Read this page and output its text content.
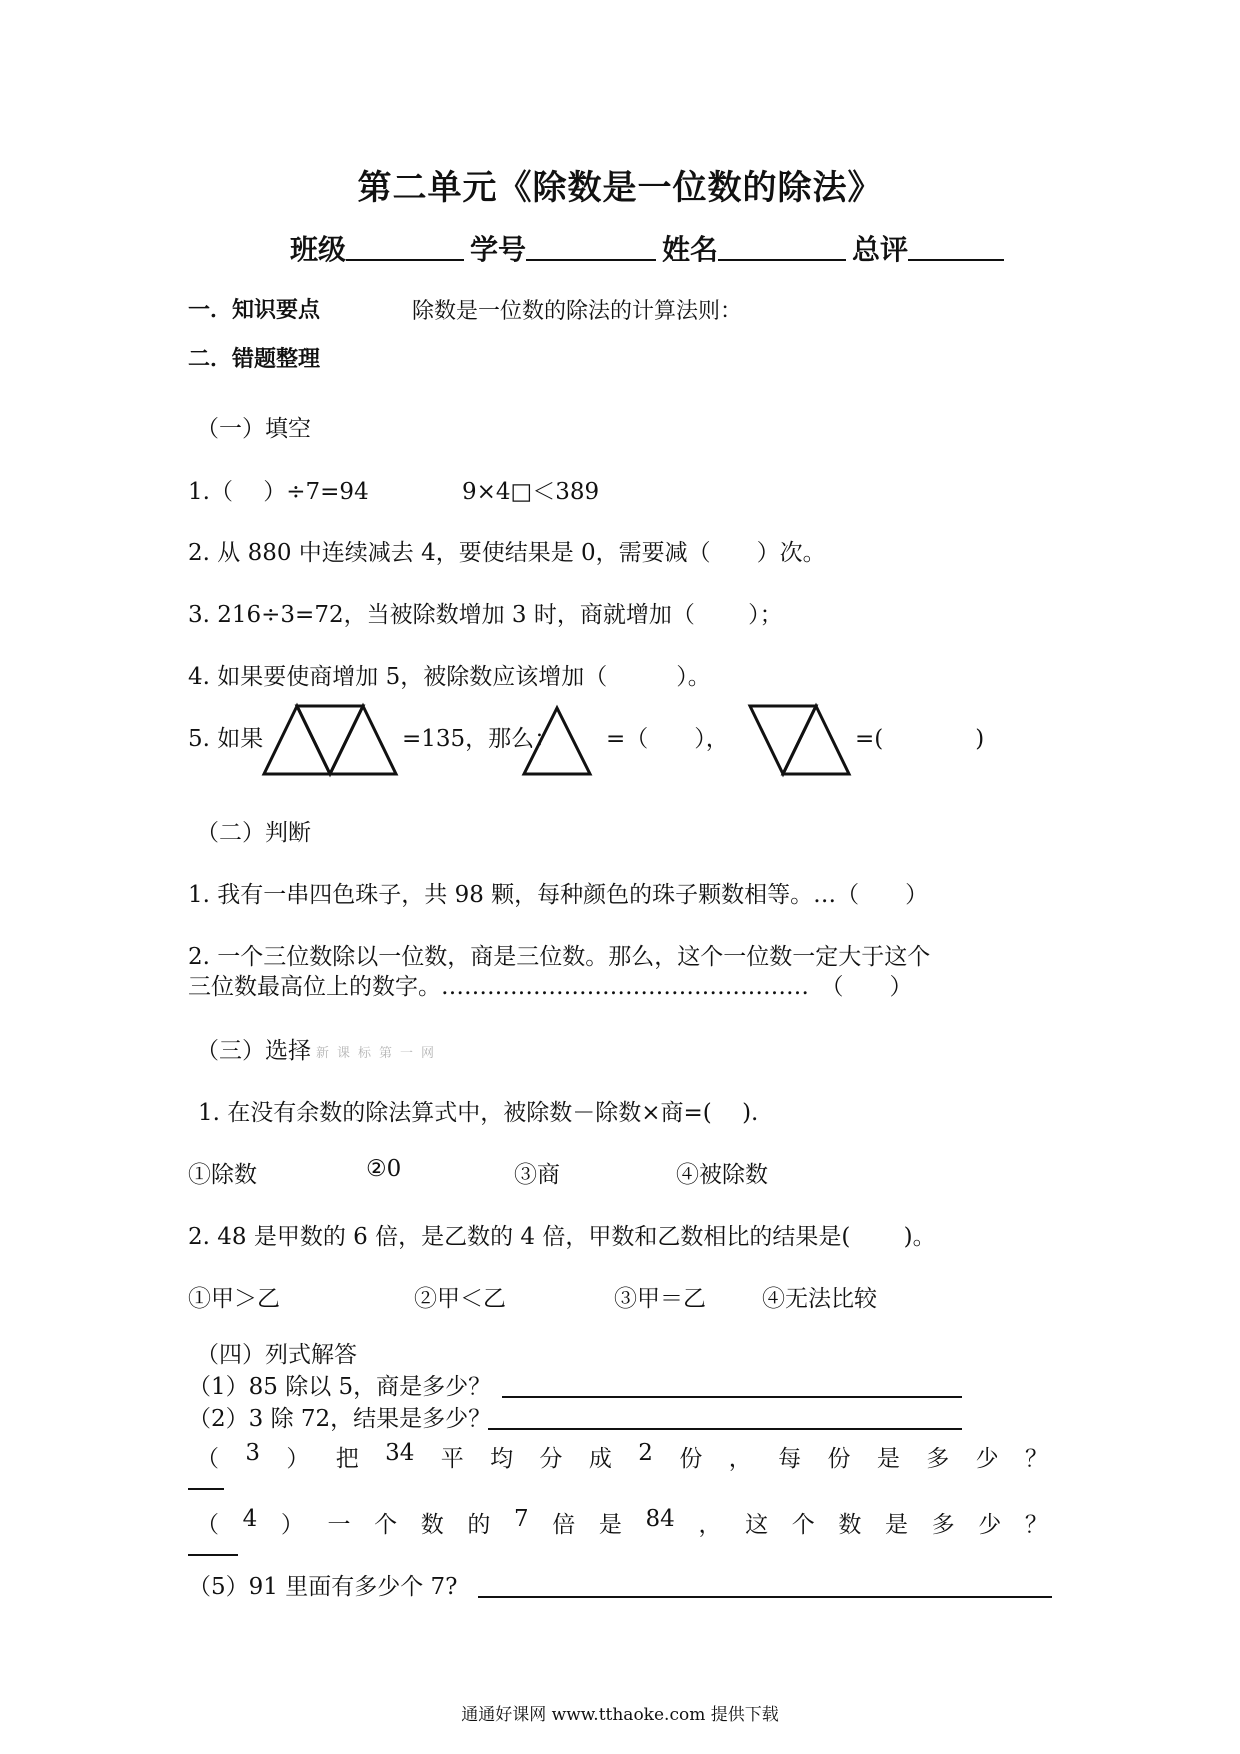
第二单元《除数是一位数的除法》
班级	学号	姓名	总评
一．知识要点	除数是一位数的除法的计算法则：
二．错题整理
（一）填空
1.（　 ）÷7=94	9×4□＜389
2. 从 880 中连续减去 4，要使结果是 0，需要减（　　）次。
3. 216÷3=72，当被除数增加 3 时，商就增加（　　 ）；
4. 如果要使商增加 5，被除数应该增加（　　　）。
5. 如果	=135，那么： =（　　），	=(　　　　)
（二）判断
1. 我有一串四色珠子，共 98 颗，每种颜色的珠子颗数相等。…（　　）
2. 一个三位数除以一位数，商是三位数。那么，这个一位数一定大于这个
三位数最高位上的数字。…………………………………………　（　　）
（三）选择 新课标第一网
1. 在没有余数的除法算式中，被除数－除数×商=(　 ).
①除数	②0	③商	④被除数
2. 48 是甲数的 6 倍，是乙数的 4 倍，甲数和乙数相比的结果是(　　 )。
①甲＞乙	②甲＜乙	③甲＝乙 ④无法比较
（四）列式解答
（1）85 除以 5，商是多少？
（2）3 除 72，结果是多少？
（ 3 ） 把 34 平 均 分 成 2 份 ， 每 份 是 多 少 ？
（ 4 ） 一 个 数 的 7 倍 是 84 ， 这 个 数 是 多 少 ？
（5）91 里面有多少个 7?
通通好课网 www.tthaoke.com 提供下载
